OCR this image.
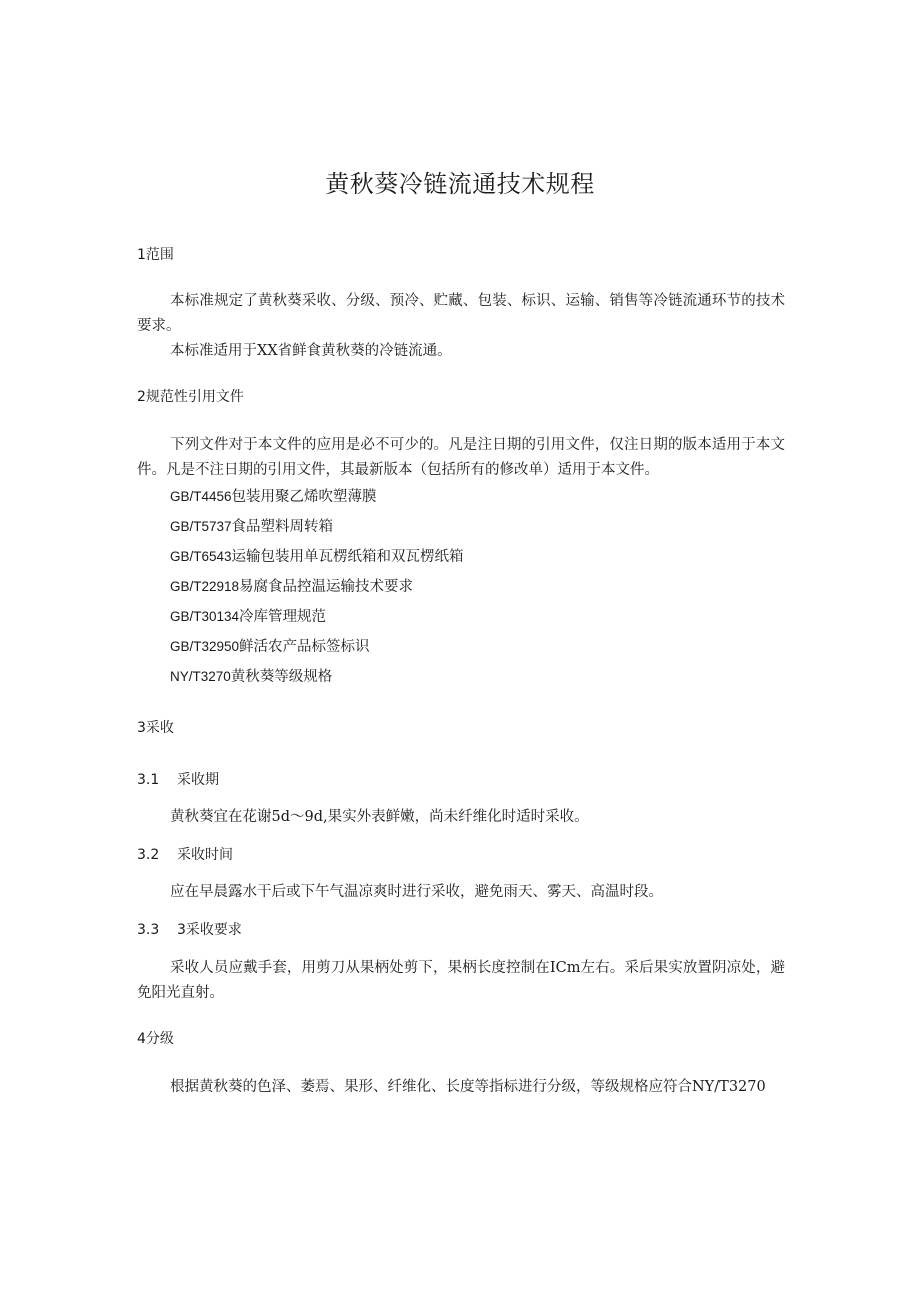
黄秋葵冷链流通技术规程

1范围

本标准规定了黄秋葵采收、分级、预冷、贮藏、包装、标识、运输、销售等冷链流通环节的技术要求。

本标准适用于XX省鲜食黄秋葵的冷链流通。

2规范性引用文件

下列文件对于本文件的应用是必不可少的。凡是注日期的引用文件，仅注日期的版本适用于本文件。凡是不注日期的引用文件，其最新版本（包括所有的修改单）适用于本文件。

GB/T4456包装用聚乙烯吹塑薄膜

GB/T5737食品塑料周转箱

GB/T6543运输包装用单瓦楞纸箱和双瓦楞纸箱

GB/T22918易腐食品控温运输技术要求

GB/T30134冷库管理规范

GB/T32950鲜活农产品标签标识

NY/T3270黄秋葵等级规格

3采收

3.1 采收期

黄秋葵宜在花谢5d～9d,果实外表鲜嫩，尚未纤维化时适时采收。

3.2 采收时间

应在早晨露水干后或下午气温凉爽时进行采收，避免雨天、雾天、高温时段。

3.3 3采收要求

采收人员应戴手套，用剪刀从果柄处剪下，果柄长度控制在ICm左右。采后果实放置阴凉处，避免阳光直射。

4分级

根据黄秋葵的色泽、萎焉、果形、纤维化、长度等指标进行分级，等级规格应符合NY/T3270
